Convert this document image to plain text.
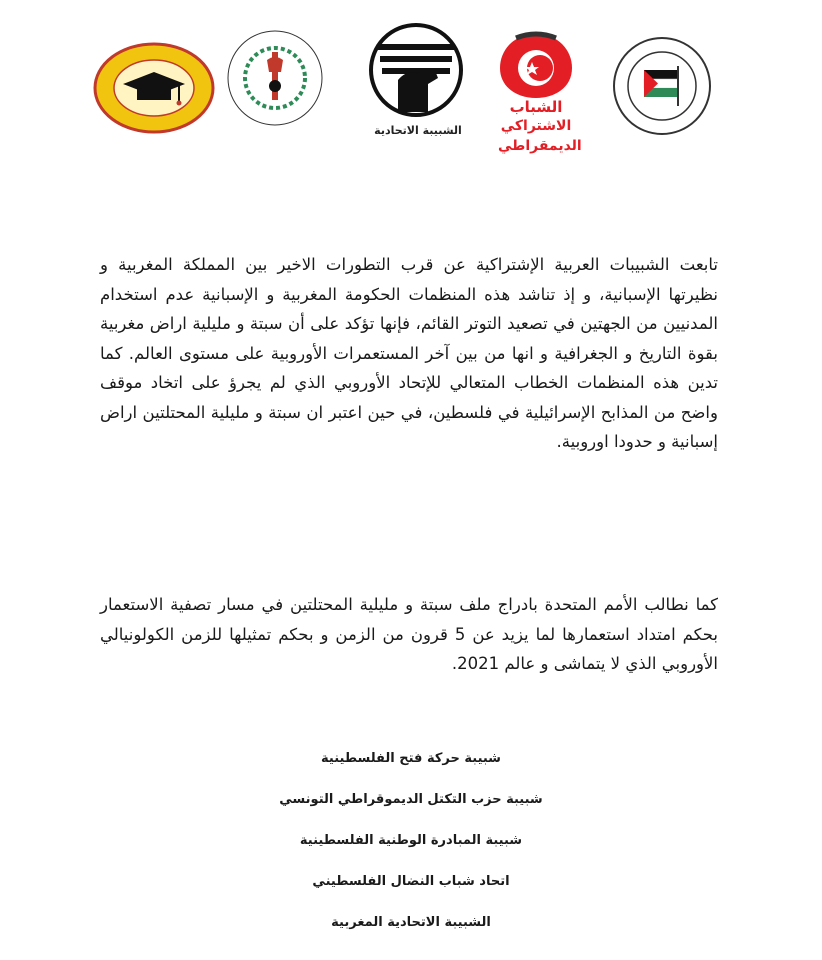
الشبيبة الاتحادية
الشباب
الاشتراكي
الديمقراطي
تابعت الشبيبات العربية الإشتراكية عن قرب التطورات الاخير بين المملكة المغربية و نظيرتها الإسبانية، و إذ تناشد هذه المنظمات الحكومة المغربية و الإسبانية عدم استخدام المدنيين من الجهتين في تصعيد التوتر القائم، فإنها تؤكد على أن سبتة و مليلية اراض مغربية بقوة التاريخ و الجغرافية و انها من بين آخر المستعمرات الأوروبية على مستوى العالم. كما تدين هذه المنظمات الخطاب المتعالي للإتحاد الأوروبي الذي لم يجرؤ على اتخاد موقف واضح من المذابح الإسرائيلية في فلسطين، في حين اعتبر ان سبتة و مليلية المحتلتين اراض إسبانية و حدودا اوروبية.
كما نطالب الأمم المتحدة بادراج ملف سبتة و مليلية المحتلتين في مسار تصفية الاستعمار بحكم امتداد استعمارها لما يزيد عن 5 قرون من الزمن و بحكم تمثيلها للزمن الكولونيالي الأوروبي الذي لا يتماشى و عالم 2021.
شبيبة حركة فتح الفلسطينية
شبيبة حزب التكتل الديموقراطي التونسي
شبيبة المبادرة الوطنية الفلسطينية
اتحاد شباب النضال الفلسطيني
الشبيبة الاتحادية المغربية
